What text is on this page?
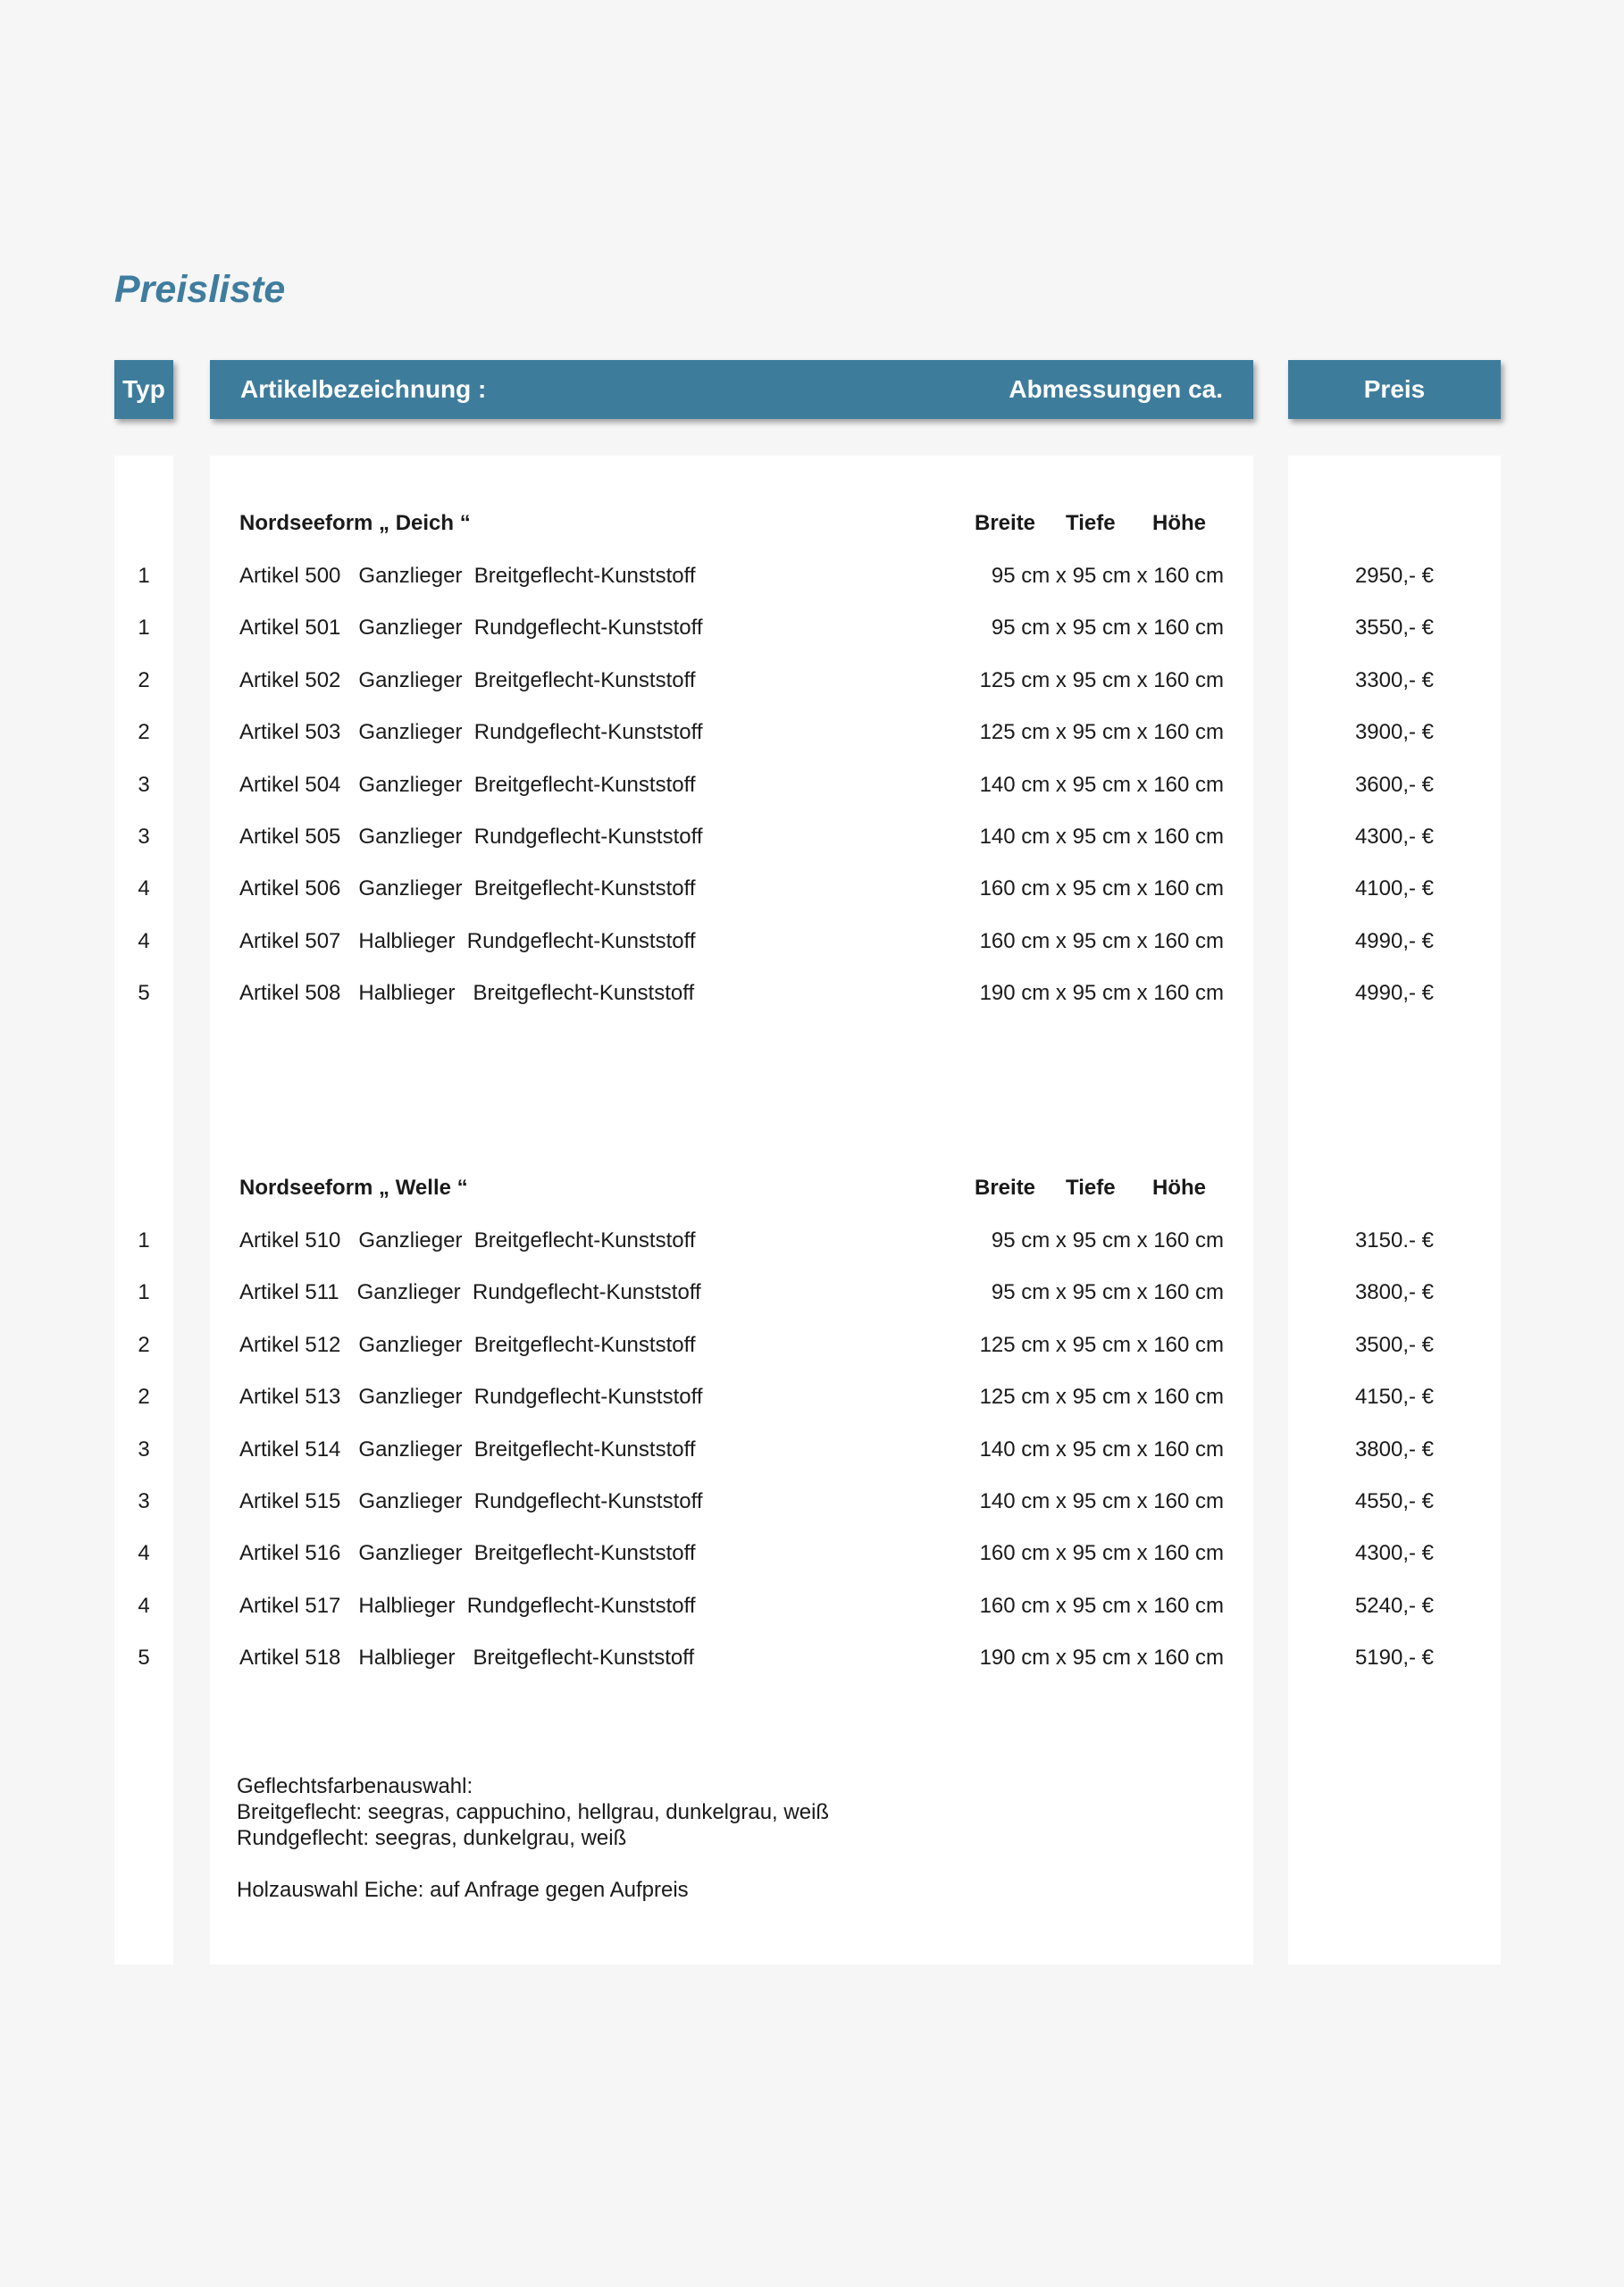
Preisliste
Typ	Artikelbezeichnung :	Abmessungen ca.	Preis
Nordseeform „ Deich “	Breite Tiefe Höhe
1	Artikel 500   Ganzlieger  Breitgeflecht-Kunststoff	95 cm x 95 cm x 160 cm	2950,- €
1	Artikel 501   Ganzlieger  Rundgeflecht-Kunststoff	95 cm x 95 cm x 160 cm	3550,- €
2	Artikel 502   Ganzlieger  Breitgeflecht-Kunststoff	125 cm x 95 cm x 160 cm	3300,- €
2	Artikel 503   Ganzlieger  Rundgeflecht-Kunststoff	125 cm x 95 cm x 160 cm	3900,- €
3	Artikel 504   Ganzlieger  Breitgeflecht-Kunststoff	140 cm x 95 cm x 160 cm	3600,- €
3	Artikel 505   Ganzlieger  Rundgeflecht-Kunststoff	140 cm x 95 cm x 160 cm	4300,- €
4	Artikel 506   Ganzlieger  Breitgeflecht-Kunststoff	160 cm x 95 cm x 160 cm	4100,- €
4	Artikel 507   Halblieger  Rundgeflecht-Kunststoff	160 cm x 95 cm x 160 cm	4990,- €
5	Artikel 508   Halblieger   Breitgeflecht-Kunststoff	190 cm x 95 cm x 160 cm	4990,- €
Nordseeform „ Welle “	Breite Tiefe Höhe
1	Artikel 510   Ganzlieger  Breitgeflecht-Kunststoff	95 cm x 95 cm x 160 cm	3150.- €
1	Artikel 511   Ganzlieger  Rundgeflecht-Kunststoff	95 cm x 95 cm x 160 cm	3800,- €
2	Artikel 512   Ganzlieger  Breitgeflecht-Kunststoff	125 cm x 95 cm x 160 cm	3500,- €
2	Artikel 513   Ganzlieger  Rundgeflecht-Kunststoff	125 cm x 95 cm x 160 cm	4150,- €
3	Artikel 514   Ganzlieger  Breitgeflecht-Kunststoff	140 cm x 95 cm x 160 cm	3800,- €
3	Artikel 515   Ganzlieger  Rundgeflecht-Kunststoff	140 cm x 95 cm x 160 cm	4550,- €
4	Artikel 516   Ganzlieger  Breitgeflecht-Kunststoff	160 cm x 95 cm x 160 cm	4300,- €
4	Artikel 517   Halblieger  Rundgeflecht-Kunststoff	160 cm x 95 cm x 160 cm	5240,- €
5	Artikel 518   Halblieger   Breitgeflecht-Kunststoff	190 cm x 95 cm x 160 cm	5190,- €
Geflechtsfarbenauswahl:
Breitgeflecht: seegras, cappuchino, hellgrau, dunkelgrau, weiß
Rundgeflecht: seegras, dunkelgrau, weiß
Holzauswahl Eiche: auf Anfrage gegen Aufpreis
